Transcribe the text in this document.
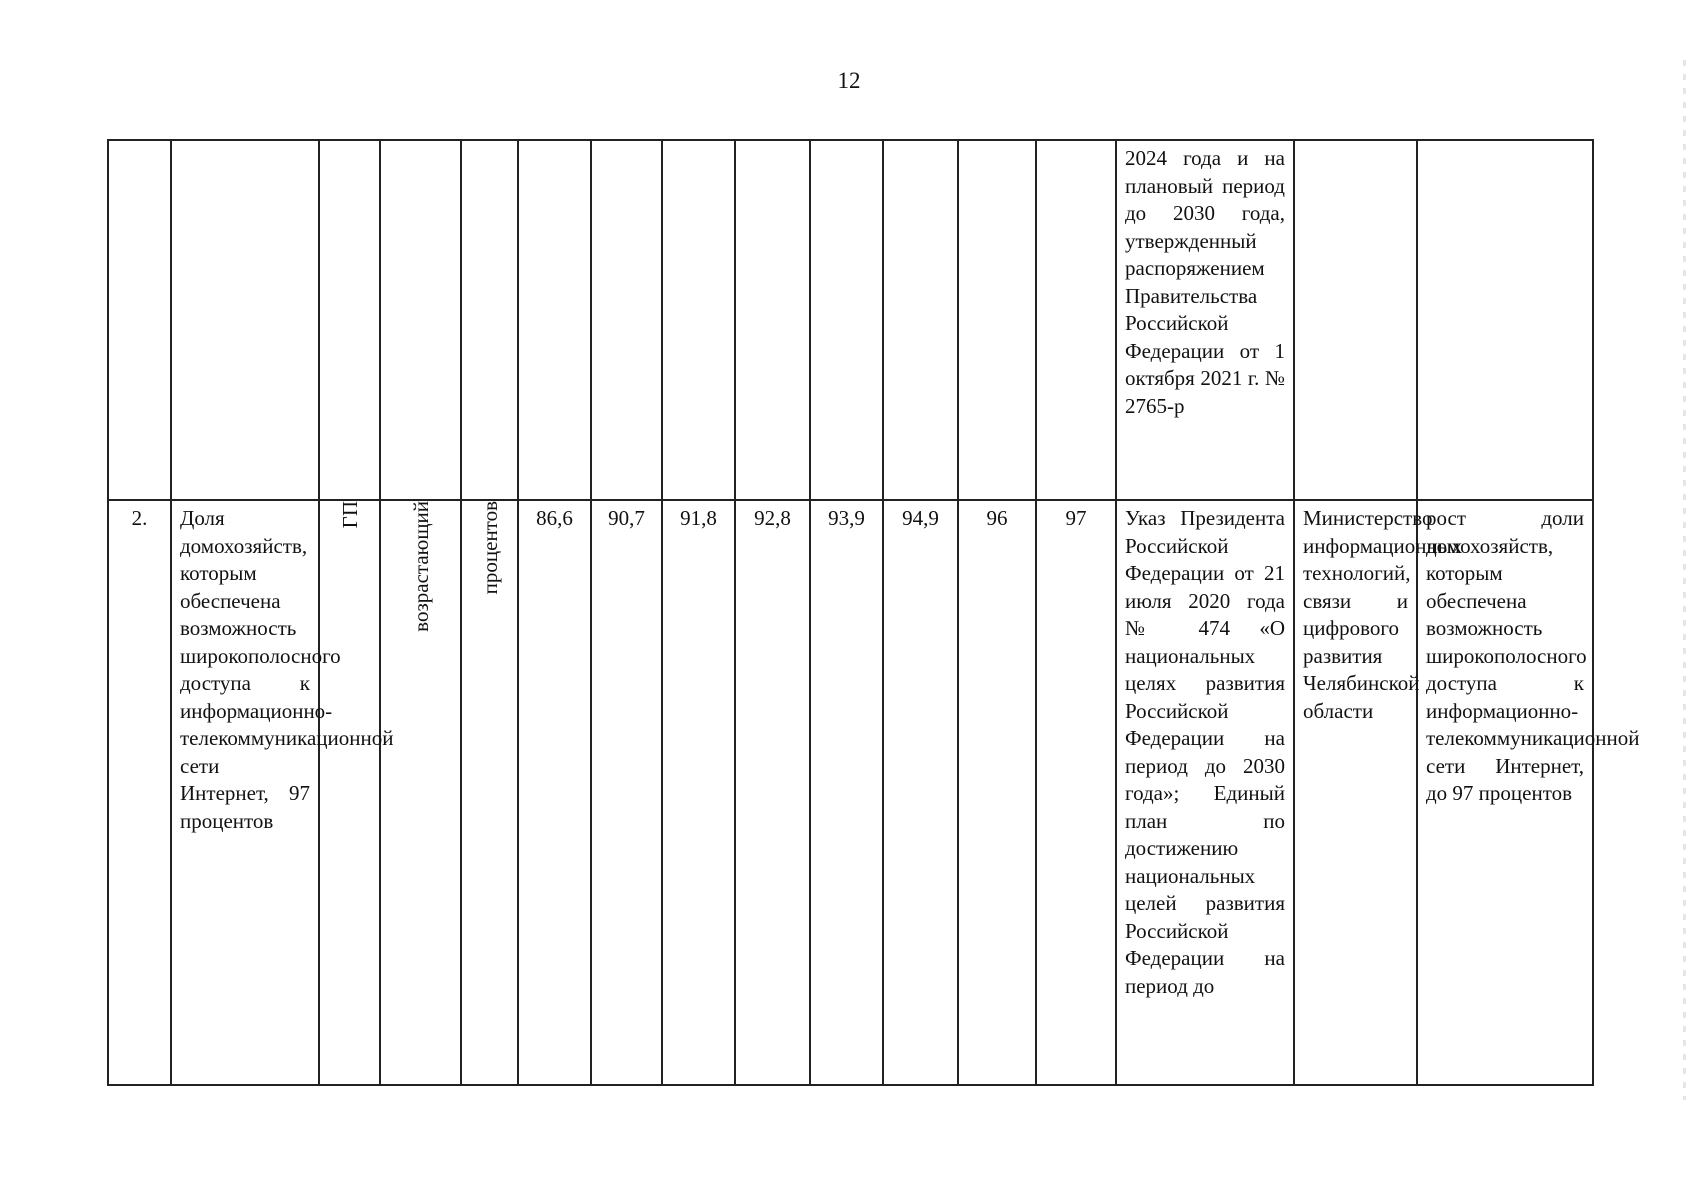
12
													2024 года и на плановый период до 2030 года, утвержденный распоряжением Правительства Российской Федерации от 1 октября 2021 г. № 2765-р		
2.	Доля домохозяйств, которым обеспечена возможность широкополосного доступа к информационно-телекоммуникационной сети Интернет, 97 процентов	ГП	возрастающий	процентов	86,6	90,7	91,8	92,8	93,9	94,9	96	97	Указ Президента Российской Федерации от 21 июля 2020 года № 474 «О национальных целях развития Российской Федерации на период до 2030 года»; Единый план по достижению национальных целей развития Российской Федерации на период до	Министерство информационных технологий, связи и цифрового развития Челябинской области	рост доли домохозяйств, которым обеспечена возможность широкополосного доступа к информационно-телекоммуникационной сети Интернет, до 97 процентов
